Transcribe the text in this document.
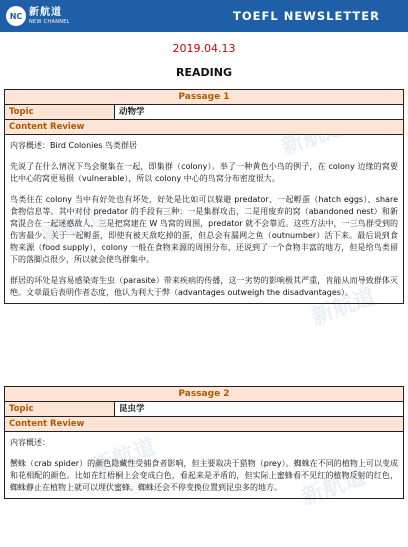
NC 新航道
NEW CHANNEL	TOEFL NEWSLETTER
新航道
新航道
新航道
新航道
新航道
2019.04.13
READING
Passage 1
Topic	动物学
Content Review

内容概述：Bird Colonies 鸟类群居

先说了在什么情况下鸟会聚集在一起，即集群（colony）。举了一种黄色小鸟的例子，在 colony 边缘的窝要比中心的窝更易损（vulnerable），所以 colony 中心的鸟窝分布密度很大。

鸟类住在 colony 当中有好处也有坏处，好处是比如可以躲避 predator、一起孵蛋（hatch eggs）、share 食物信息等。其中对付 predator 的手段有三种：一是集群攻击，二是用废弃的窝（abandoned nest）和新窝混合在一起迷惑敌人，三是把窝建在 W 鸟窝的周围，predator 就不会靠近。这些方法中，一三鸟群受到的伤害最少。关于一起孵蛋，即使有被天敌吃掉的蛋，但总会有漏网之鱼（outnumber）活下来。最后说到食物来源（food supply），colony 一般在食物来源的周围分布，还说到了一个食物丰富的地方，但是给鸟类留下的落脚点很少，所以就会使鸟群集中。

群居的坏处是容易感染寄生虫（parasite）带来疾病的传播，这一劣势的影响极其严重，肯能从而导致群体灭绝。文章最后表明作者态度，他认为利大于弊（advantages outweigh the disadvantages）。

Passage 2
Topic	昆虫学
Content Review

内容概述：

蟹蛛（crab spider）的颜色隐藏性受捕食者影响，但主要取决于猎物（prey）。蜘蛛在不同的植物上可以变成和花相配的颜色。比如在红梧桐上会变成白色，看起来是矛盾的，但实际上蜜蜂看不见红的植物反射的红色，蜘蛛静止在植物上就可以埋伏蜜蜂。蜘蛛还会不停变换位置到昆虫多的地方。
